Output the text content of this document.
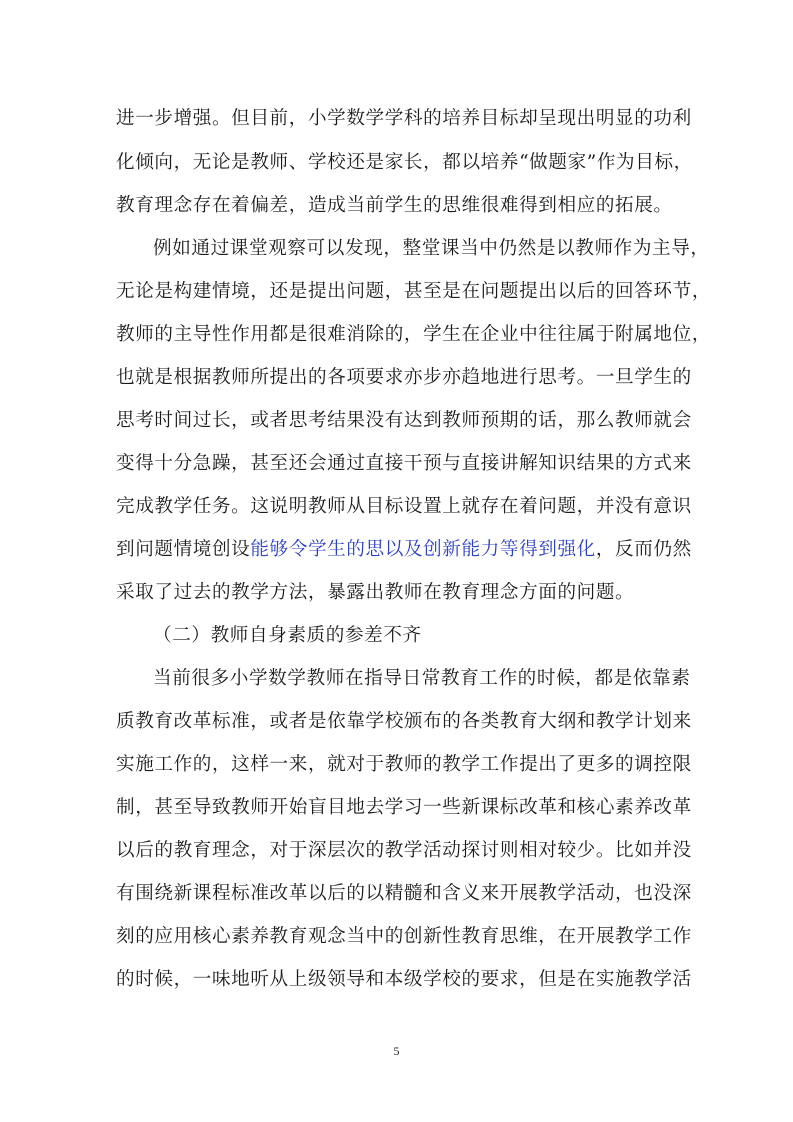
进一步增强。但目前，小学数学学科的培养目标却呈现出明显的功利
化倾向，无论是教师、学校还是家长，都以培养“做题家”作为目标，
教育理念存在着偏差，造成当前学生的思维很难得到相应的拓展。
例如通过课堂观察可以发现，整堂课当中仍然是以教师作为主导，
无论是构建情境，还是提出问题，甚至是在问题提出以后的回答环节，
教师的主导性作用都是很难消除的，学生在企业中往往属于附属地位，
也就是根据教师所提出的各项要求亦步亦趋地进行思考。一旦学生的
思考时间过长，或者思考结果没有达到教师预期的话，那么教师就会
变得十分急躁，甚至还会通过直接干预与直接讲解知识结果的方式来
完成教学任务。这说明教师从目标设置上就存在着问题，并没有意识
到问题情境创设能够令学生的思以及创新能力等得到强化，反而仍然
采取了过去的教学方法，暴露出教师在教育理念方面的问题。
（二）教师自身素质的参差不齐
当前很多小学数学教师在指导日常教育工作的时候，都是依靠素
质教育改革标准，或者是依靠学校颁布的各类教育大纲和教学计划来
实施工作的，这样一来，就对于教师的教学工作提出了更多的调控限
制，甚至导致教师开始盲目地去学习一些新课标改革和核心素养改革
以后的教育理念，对于深层次的教学活动探讨则相对较少。比如并没
有围绕新课程标准改革以后的以精髓和含义来开展教学活动，也没深
刻的应用核心素养教育观念当中的创新性教育思维，在开展教学工作
的时候，一味地听从上级领导和本级学校的要求，但是在实施教学活
5
